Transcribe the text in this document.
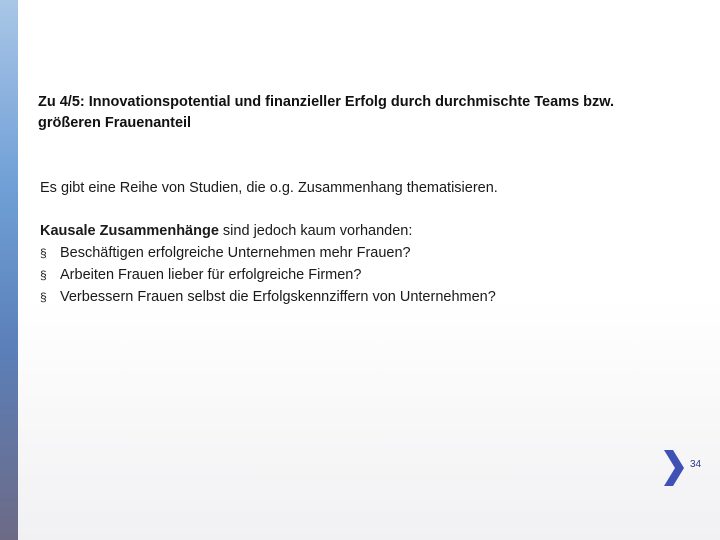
Zu 4/5: Innovationspotential und finanzieller Erfolg durch durchmischte Teams bzw. größeren Frauenanteil
Es gibt eine Reihe von Studien, die o.g. Zusammenhang thematisieren.
Kausale Zusammenhänge sind jedoch kaum vorhanden:
§ Beschäftigen erfolgreiche Unternehmen mehr Frauen?
§ Arbeiten Frauen lieber für erfolgreiche Firmen?
§ Verbessern Frauen selbst die Erfolgskennziffern von Unternehmen?
34
